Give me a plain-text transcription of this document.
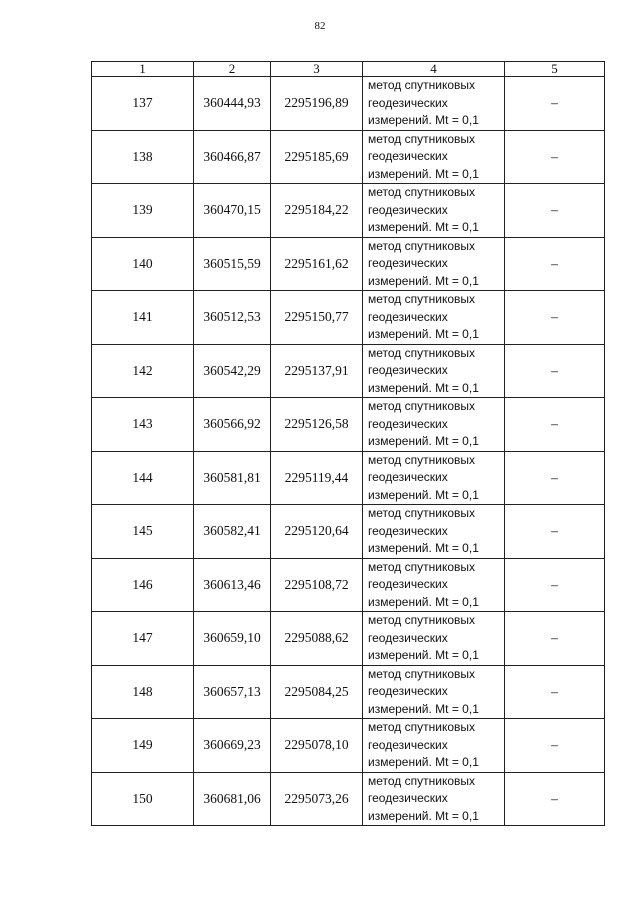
82
1	2	3	4	5
137	360444,93	2295196,89	метод спутниковых
геодезических
измерений. Mt = 0,1	–
138	360466,87	2295185,69	метод спутниковых
геодезических
измерений. Mt = 0,1	–
139	360470,15	2295184,22	метод спутниковых
геодезических
измерений. Mt = 0,1	–
140	360515,59	2295161,62	метод спутниковых
геодезических
измерений. Mt = 0,1	–
141	360512,53	2295150,77	метод спутниковых
геодезических
измерений. Mt = 0,1	–
142	360542,29	2295137,91	метод спутниковых
геодезических
измерений. Mt = 0,1	–
143	360566,92	2295126,58	метод спутниковых
геодезических
измерений. Mt = 0,1	–
144	360581,81	2295119,44	метод спутниковых
геодезических
измерений. Mt = 0,1	–
145	360582,41	2295120,64	метод спутниковых
геодезических
измерений. Mt = 0,1	–
146	360613,46	2295108,72	метод спутниковых
геодезических
измерений. Mt = 0,1	–
147	360659,10	2295088,62	метод спутниковых
геодезических
измерений. Mt = 0,1	–
148	360657,13	2295084,25	метод спутниковых
геодезических
измерений. Mt = 0,1	–
149	360669,23	2295078,10	метод спутниковых
геодезических
измерений. Mt = 0,1	–
150	360681,06	2295073,26	метод спутниковых
геодезических
измерений. Mt = 0,1	–
